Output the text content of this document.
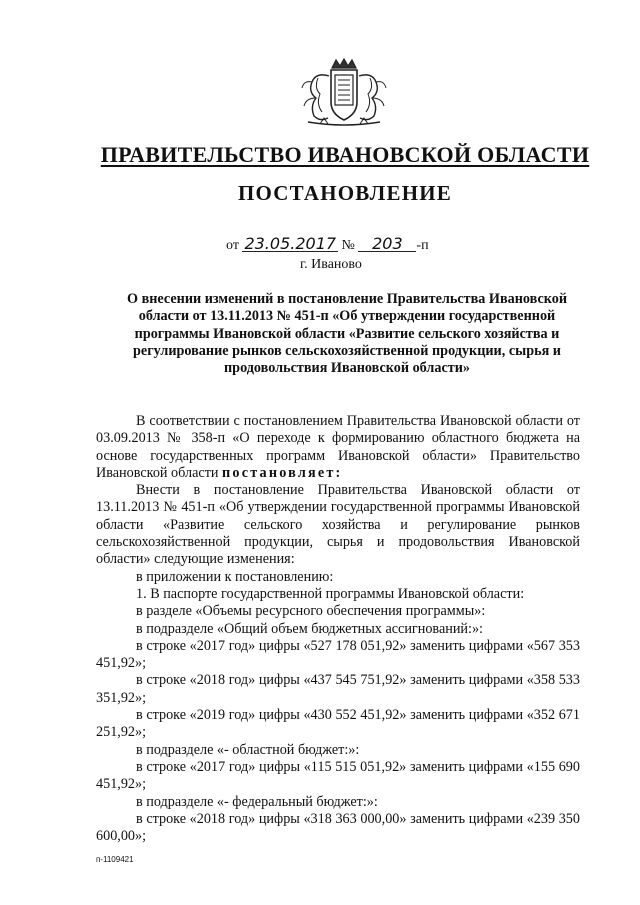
ПРАВИТЕЛЬСТВО ИВАНОВСКОЙ ОБЛАСТИ
ПОСТАНОВЛЕНИЕ
от 23.05.2017 № 203 -п
г. Иваново
О внесении изменений в постановление Правительства Ивановской области от 13.11.2013 № 451-п «Об утверждении государственной программы Ивановской области «Развитие сельского хозяйства и регулирование рынков сельскохозяйственной продукции, сырья и продовольствия Ивановской области»

В соответствии с постановлением Правительства Ивановской области от 03.09.2013 № 358-п «О переходе к формированию областного бюджета на основе государственных программ Ивановской области» Правительство Ивановской области постановляет:

Внести в постановление Правительства Ивановской области от 13.11.2013 № 451-п «Об утверждении государственной программы Ивановской области «Развитие сельского хозяйства и регулирование рынков сельскохозяйственной продукции, сырья и продовольствия Ивановской области» следующие изменения:

в приложении к постановлению:

1. В паспорте государственной программы Ивановской области:

в разделе «Объемы ресурсного обеспечения программы»:

в подразделе «Общий объем бюджетных ассигнований:»:

в строке «2017 год» цифры «527 178 051,92» заменить цифрами «567 353 451,92»;

в строке «2018 год» цифры «437 545 751,92» заменить цифрами «358 533 351,92»;

в строке «2019 год» цифры «430 552 451,92» заменить цифрами «352 671 251,92»;

в подразделе «- областной бюджет:»:

в строке «2017 год» цифры «115 515 051,92» заменить цифрами «155 690 451,92»;

в подразделе «- федеральный бюджет:»:

в строке «2018 год» цифры «318 363 000,00» заменить цифрами «239 350 600,00»;

п-1109421
